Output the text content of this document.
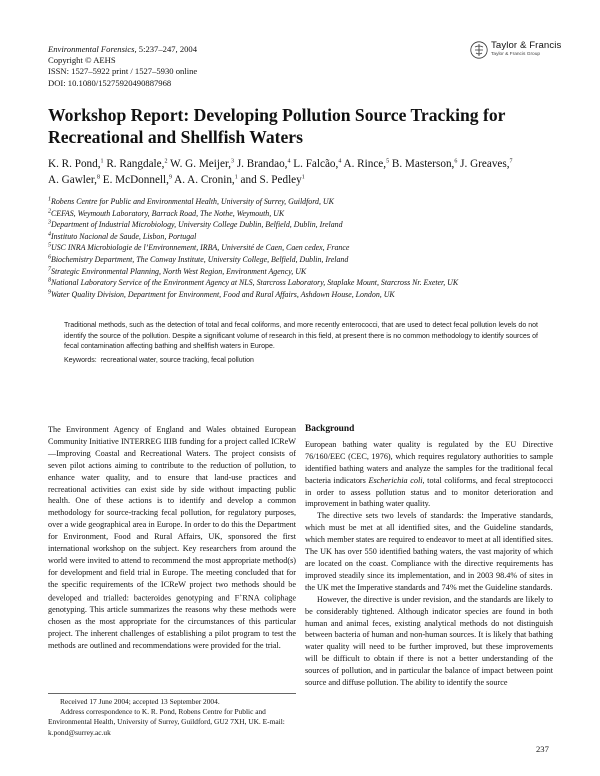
Environmental Forensics, 5:237–247, 2004
Copyright © AEHS
ISSN: 1527–5922 print / 1527–5930 online
DOI: 10.1080/15275920490887968
Taylor & Francis
Taylor & Francis Group
Workshop Report: Developing Pollution Source Tracking for Recreational and Shellfish Waters
K. R. Pond,$^1$ R. Rangdale,$^2$ W. G. Meijer,$^3$ J. Brandao,$^4$ L. Falcão,$^4$ A. Rince,$^5$ B. Masterson,$^6$ J. Greaves,$^7$
A. Gawler,$^8$ E. McDonnell,$^9$ A. A. Cronin,$^1$ and S. Pedley$^1$
$^1$Robens Centre for Public and Environmental Health, University of Surrey, Guildford, UK
$^2$CEFAS, Weymouth Laboratory, Barrack Road, The Nothe, Weymouth, UK
$^3$Department of Industrial Microbiology, University College Dublin, Belfield, Dublin, Ireland
$^4$Instituto Nacional de Saude, Lisbon, Portugal
$^5$USC INRA Microbiologie de l’Environnement, IRBA, Université de Caen, Caen cedex, France
$^6$Biochemistry Department, The Conway Institute, University College, Belfield, Dublin, Ireland
$^7$Strategic Environmental Planning, North West Region, Environment Agency, UK
$^8$National Laboratory Service of the Environment Agency at NLS, Starcross Laboratory, Staplake Mount, Starcross Nr. Exeter, UK
$^9$Water Quality Division, Department for Environment, Food and Rural Affairs, Ashdown House, London, UK
Traditional methods, such as the detection of total and fecal coliforms, and more recently enterococci, that are used to detect fecal pollution levels do not identify the source of the pollution. Despite a significant volume of research in this field, at present there is no common methodology to identify sources of fecal contamination affecting bathing and shellfish waters in Europe.
Keywords: recreational water, source tracking, fecal pollution

The Environment Agency of England and Wales obtained European Community Initiative INTERREG IIIB funding for a project called ICReW—Improving Coastal and Recreational Waters. The project consists of seven pilot actions aiming to contribute to the reduction of pollution, to enhance water quality, and to ensure that land-use practices and recreational activities can exist side by side without impacting public health. One of these actions is to identify and develop a common methodology for source-tracking fecal pollution, for regulatory purposes, over a wide geographical area in Europe. In order to do this the Department for Environment, Food and Rural Affairs, UK, sponsored the first international workshop on the subject. Key researchers from around the world were invited to attend to recommend the most appropriate method(s) for development and field trial in Europe. The meeting concluded that for the specific requirements of the ICReW project two methods should be developed and trialled: bacteroides genotyping and F+RNA coliphage genotyping. This article summarizes the reasons why these methods were chosen as the most appropriate for the circumstances of this particular project. The inherent challenges of establishing a pilot program to test the methods are outlined and recommendations were provided for the trial.

Received 17 June 2004; accepted 13 September 2004.

Address correspondence to K. R. Pond, Robens Centre for Public and Environmental Health, University of Surrey, Guildford, GU2 7XH, UK. E-mail: k.pond@surrey.ac.uk

Background

European bathing water quality is regulated by the EU Directive 76/160/EEC (CEC, 1976), which requires regulatory authorities to sample identified bathing waters and analyze the samples for the traditional fecal bacteria indicators Escherichia coli, total coliforms, and fecal streptococci in order to assess pollution status and to monitor deterioration and improvement in bathing water quality.

The directive sets two levels of standards: the Imperative standards, which must be met at all identified sites, and the Guideline standards, which member states are required to endeavor to meet at all identified sites. The UK has over 550 identified bathing waters, the vast majority of which are located on the coast. Compliance with the directive requirements has improved steadily since its implementation, and in 2003 98.4% of sites in the UK met the Imperative standards and 74% met the Guideline standards.

However, the directive is under revision, and the standards are likely to be considerably tightened. Although indicator species are found in both human and animal feces, existing analytical methods do not distinguish between bacteria of human and non-human sources. It is likely that bathing water quality will need to be further improved, but these improvements will be difficult to obtain if there is not a better understanding of the sources of pollution, and in particular the balance of impact between point source and diffuse pollution. The ability to identify the source

237
